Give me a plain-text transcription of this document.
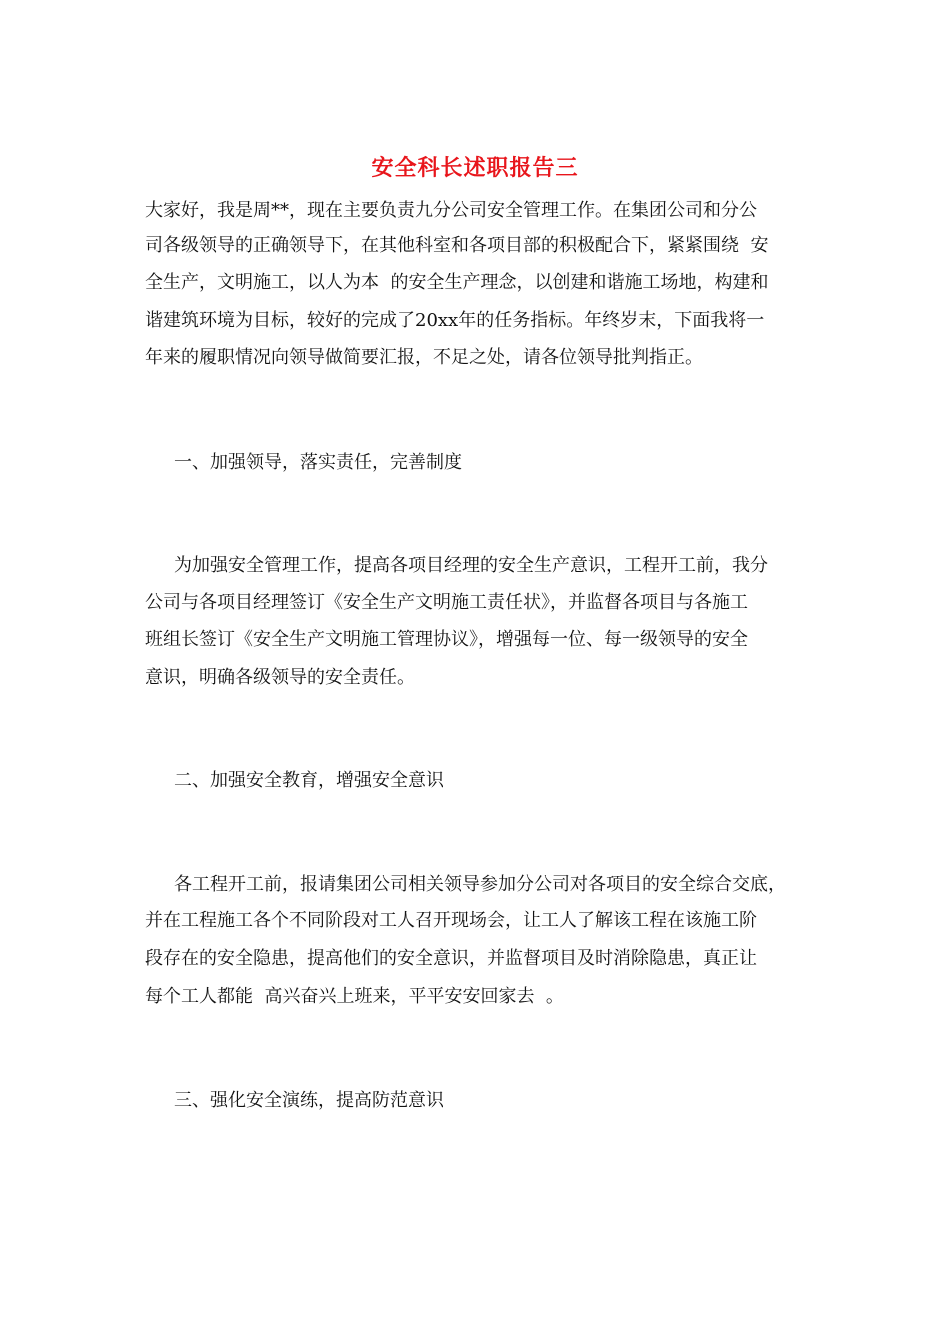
安全科长述职报告三
大家好，我是周**，现在主要负责九分公司安全管理工作。在集团公司和分公
司各级领导的正确领导下，在其他科室和各项目部的积极配合下，紧紧围绕  安
全生产，文明施工，以人为本  的安全生产理念，以创建和谐施工场地，构建和
谐建筑环境为目标，较好的完成了20xx年的任务指标。年终岁末，下面我将一
年来的履职情况向领导做简要汇报，不足之处，请各位领导批判指正。
一、加强领导，落实责任，完善制度
为加强安全管理工作，提高各项目经理的安全生产意识，工程开工前，我分
公司与各项目经理签订《安全生产文明施工责任状》，并监督各项目与各施工
班组长签订《安全生产文明施工管理协议》，增强每一位、每一级领导的安全
意识，明确各级领导的安全责任。
二、加强安全教育，增强安全意识
各工程开工前，报请集团公司相关领导参加分公司对各项目的安全综合交底，
并在工程施工各个不同阶段对工人召开现场会，让工人了解该工程在该施工阶
段存在的安全隐患，提高他们的安全意识，并监督项目及时消除隐患，真正让
每个工人都能  高兴奋兴上班来，平平安安回家去  。
三、强化安全演练，提高防范意识
